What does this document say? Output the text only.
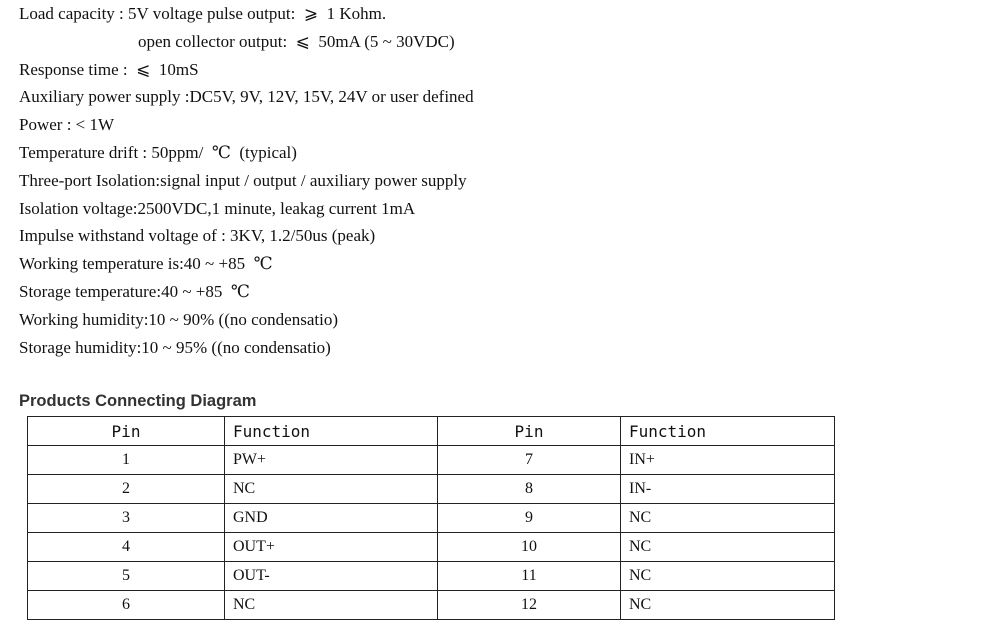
Load capacity : 5V voltage pulse output:  ⩾  1 Kohm.
open collector output:  ⩽  50mA (5 ~ 30VDC)
Response time :  ⩽  10mS
Auxiliary power supply :DC5V, 9V, 12V, 15V, 24V or user defined
Power : < 1W
Temperature drift : 50ppm/  ℃  (typical)
Three-port Isolation:signal input / output / auxiliary power supply
Isolation voltage:2500VDC,1 minute, leakag current 1mA
Impulse withstand voltage of : 3KV, 1.2/50us (peak)
Working temperature is:40 ~ +85  ℃
Storage temperature:40 ~ +85  ℃
Working humidity:10 ~ 90% ((no condensatio)
Storage humidity:10 ~ 95% ((no condensatio)
Products Connecting Diagram
Pin	Function	Pin	Function
1	PW+	7	IN+
2	NC	8	IN-
3	GND	9	NC
4	OUT+	10	NC
5	OUT-	11	NC
6	NC	12	NC
